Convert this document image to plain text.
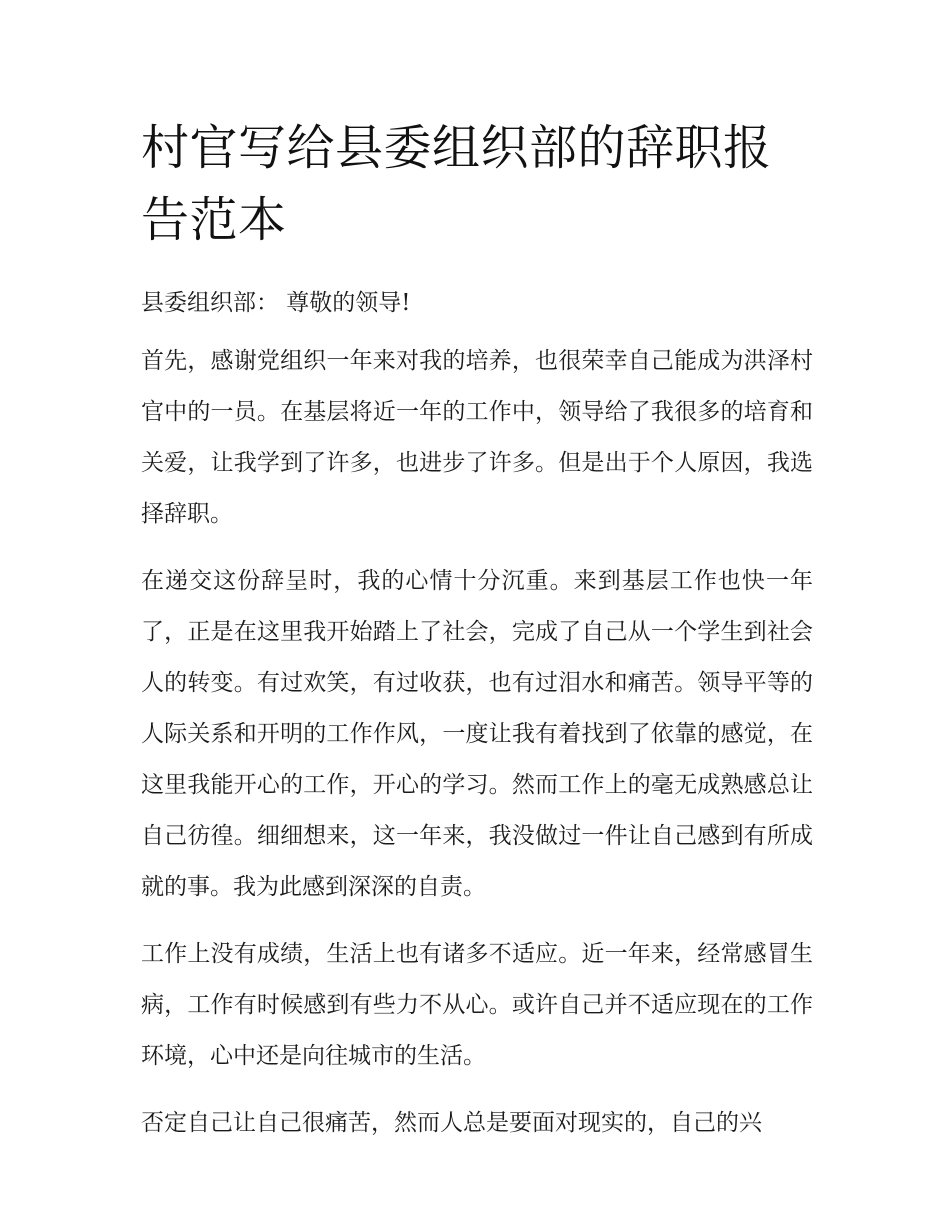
村官写给县委组织部的辞职报告范本

县委组织部： 尊敬的领导!

首先，感谢党组织一年来对我的培养，也很荣幸自己能成为洪泽村官中的一员。在基层将近一年的工作中，领导给了我很多的培育和关爱，让我学到了许多，也进步了许多。但是出于个人原因，我选择辞职。

在递交这份辞呈时，我的心情十分沉重。来到基层工作也快一年了，正是在这里我开始踏上了社会，完成了自己从一个学生到社会人的转变。有过欢笑，有过收获，也有过泪水和痛苦。领导平等的人际关系和开明的工作作风，一度让我有着找到了依靠的感觉，在这里我能开心的工作，开心的学习。然而工作上的毫无成熟感总让自己彷徨。细细想来，这一年来，我没做过一件让自己感到有所成就的事。我为此感到深深的自责。

工作上没有成绩，生活上也有诸多不适应。近一年来，经常感冒生病，工作有时候感到有些力不从心。或许自己并不适应现在的工作环境，心中还是向往城市的生活。

否定自己让自己很痛苦，然而人总是要面对现实的，自己的兴
